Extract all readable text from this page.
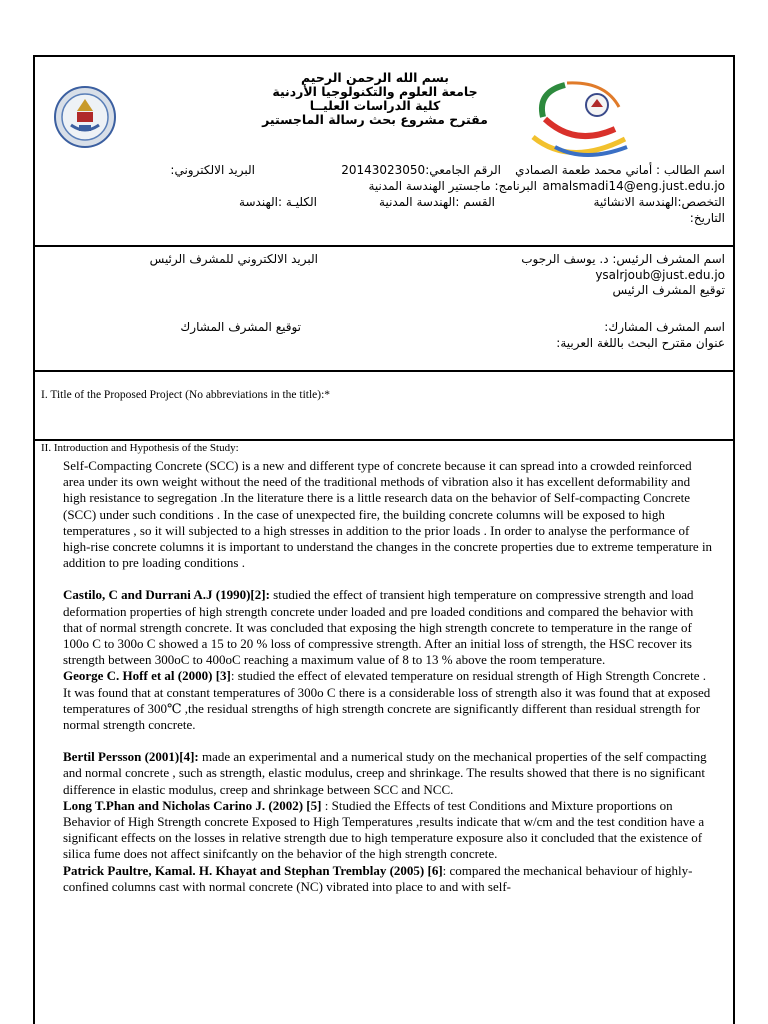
بسم الله الرحمن الرحيم
جامعة العلوم والتكنولوجيا الأردنية
كلية الدراسات العليــا
مقترح مشروع بحث رسالة الماجستير
اسم الطالب : أماني محمد طعمة الصمادي
الرقم الجامعي:20143023050
البريد الالكتروني:
amalsmadi14@eng.just.edu.jo
البرنامج: ماجستير الهندسة المدنية
التخصص:الهندسة الانشائية
القسم :الهندسة المدنية
الكليـة :الهندسة
التاريخ:
اسم المشرف الرئيس: د. يوسف الرجوب
البريد الالكتروني للمشرف الرئيس
ysalrjoub@just.edu.jo
توقيع المشرف الرئيس
اسم المشرف المشارك:
توقيع المشرف المشارك
عنوان مقترح البحث باللغة العربية:
I. Title of the Proposed Project (No abbreviations in the title):*
II. Introduction and Hypothesis of the Study:

Self-Compacting Concrete (SCC) is a new and different type of concrete because it can spread into a crowded reinforced area under its own weight without the need of the traditional methods of vibration also it has excellent deformability and high resistance to segregation .In the literature there is a little research data on the behavior of Self-compacting Concrete (SCC) under such conditions . In the case of unexpected fire, the building concrete columns will be exposed to high temperatures , so it will subjected to a high stresses in addition to the prior loads . In order to analyse the performance of high-rise concrete columns it is important to understand the changes in the concrete properties due to extreme temperature in addition to pre loading conditions .

Castilo, C and Durrani A.J (1990)[2]: studied the effect of transient high temperature on compressive strength and load deformation properties of high strength concrete under loaded and pre loaded conditions and compared the behavior with that of normal strength concrete. It was concluded that exposing the high strength concrete to temperature in the range of 100o C to 300o C showed a 15 to 20 % loss of compressive strength. After an initial loss of strength, the HSC recover its strength between 300oC to 400oC reaching a maximum value of 8 to 13 % above the room temperature.

George C. Hoff et al (2000) [3]: studied the effect of elevated temperature on residual strength of High Strength Concrete . It was found that at constant temperatures of 300o C there is a considerable loss of strength also it was found that at exposed temperatures of 300℃ ,the residual strengths of high strength concrete are significantly different than residual strength for normal strength concrete.

Bertil Persson (2001)[4]: made an experimental and a numerical study on the mechanical properties of the self compacting and normal concrete , such as strength, elastic modulus, creep and shrinkage. The results showed that there is no significant difference in elastic modulus, creep and shrinkage between SCC and NCC.

Long T.Phan and Nicholas Carino J. (2002) [5] : Studied the Effects of test Conditions and Mixture proportions on Behavior of High Strength concrete Exposed to High Temperatures ,results indicate that w/cm and the test condition have a significant effects on the losses in relative strength due to high temperature exposure also it concluded that the existence of silica fume does not affect sinifcantly on the behavior of the high strength concrete.

Patrick Paultre, Kamal. H. Khayat and Stephan Tremblay (2005) [6]: compared the mechanical behaviour of highly-confined columns cast with normal concrete (NC) vibrated into place to and with self-
